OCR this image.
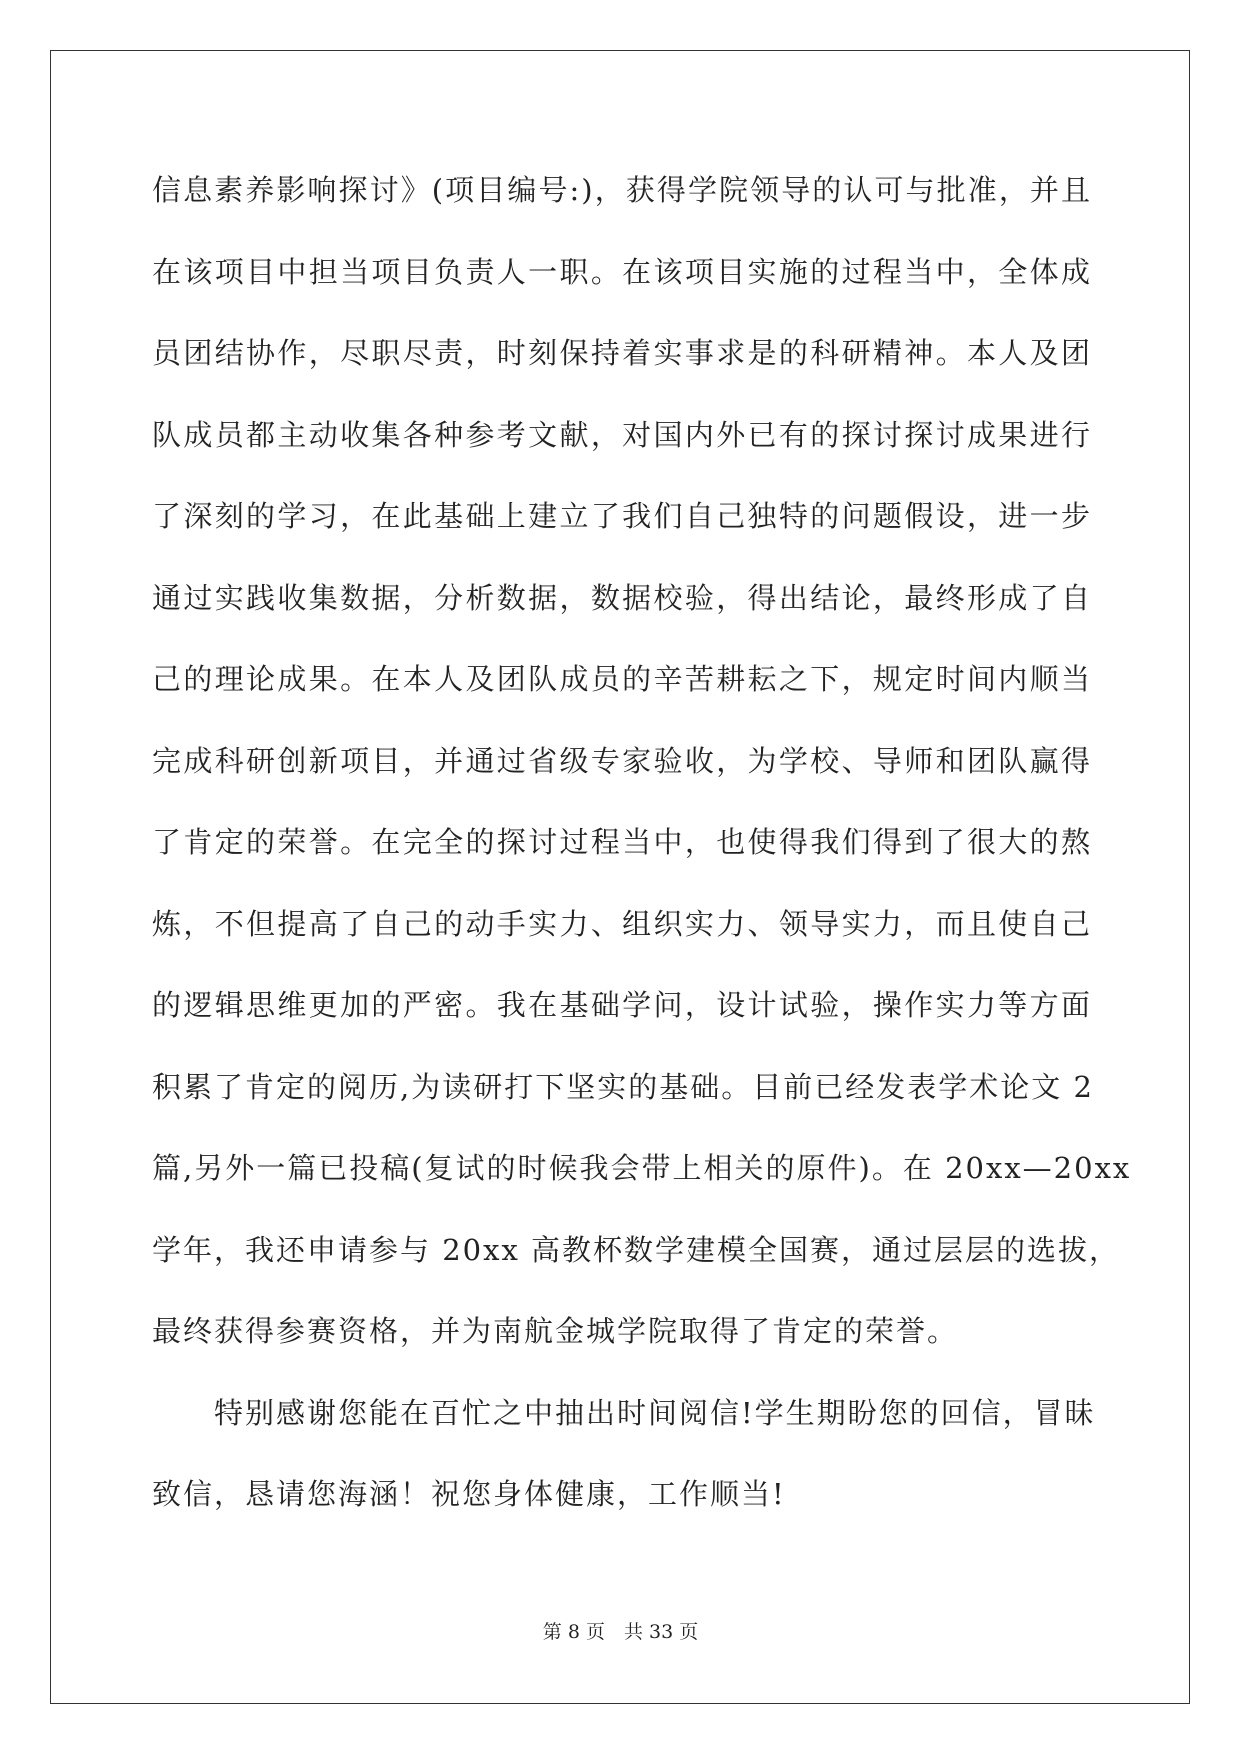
信息素养影响探讨》(项目编号:)，获得学院领导的认可与批准，并且
在该项目中担当项目负责人一职。在该项目实施的过程当中，全体成
员团结协作，尽职尽责，时刻保持着实事求是的科研精神。本人及团
队成员都主动收集各种参考文献，对国内外已有的探讨探讨成果进行
了深刻的学习，在此基础上建立了我们自己独特的问题假设，进一步
通过实践收集数据，分析数据，数据校验，得出结论，最终形成了自
己的理论成果。在本人及团队成员的辛苦耕耘之下，规定时间内顺当
完成科研创新项目，并通过省级专家验收，为学校、导师和团队赢得
了肯定的荣誉。在完全的探讨过程当中，也使得我们得到了很大的熬
炼，不但提高了自己的动手实力、组织实力、领导实力，而且使自己
的逻辑思维更加的严密。我在基础学问，设计试验，操作实力等方面
积累了肯定的阅历,为读研打下坚实的基础。目前已经发表学术论文 2
篇,另外一篇已投稿(复试的时候我会带上相关的原件)。在 20xx—20xx
学年，我还申请参与 20xx 高教杯数学建模全国赛，通过层层的选拔，
最终获得参赛资格，并为南航金城学院取得了肯定的荣誉。
特别感谢您能在百忙之中抽出时间阅信!学生期盼您的回信，冒昧
致信，恳请您海涵！祝您身体健康，工作顺当!
第 8 页　共 33 页
